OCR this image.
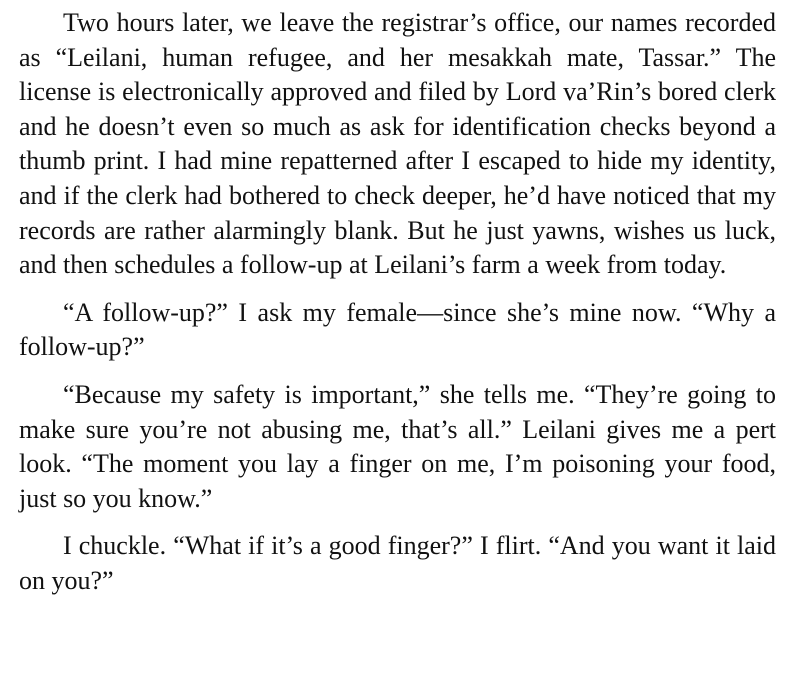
Two hours later, we leave the registrar’s office, our names recorded as “Leilani, human refugee, and her mesakkah mate, Tassar.” The license is electronically approved and filed by Lord va’Rin’s bored clerk and he doesn’t even so much as ask for identification checks beyond a thumb print. I had mine repatterned after I escaped to hide my identity, and if the clerk had bothered to check deeper, he’d have noticed that my records are rather alarmingly blank. But he just yawns, wishes us luck, and then schedules a follow-up at Leilani’s farm a week from today.

“A follow-up?” I ask my female—since she’s mine now. “Why a follow-up?”

“Because my safety is important,” she tells me. “They’re going to make sure you’re not abusing me, that’s all.” Leilani gives me a pert look. “The moment you lay a finger on me, I’m poisoning your food, just so you know.”

I chuckle. “What if it’s a good finger?” I flirt. “And you want it laid on you?”
